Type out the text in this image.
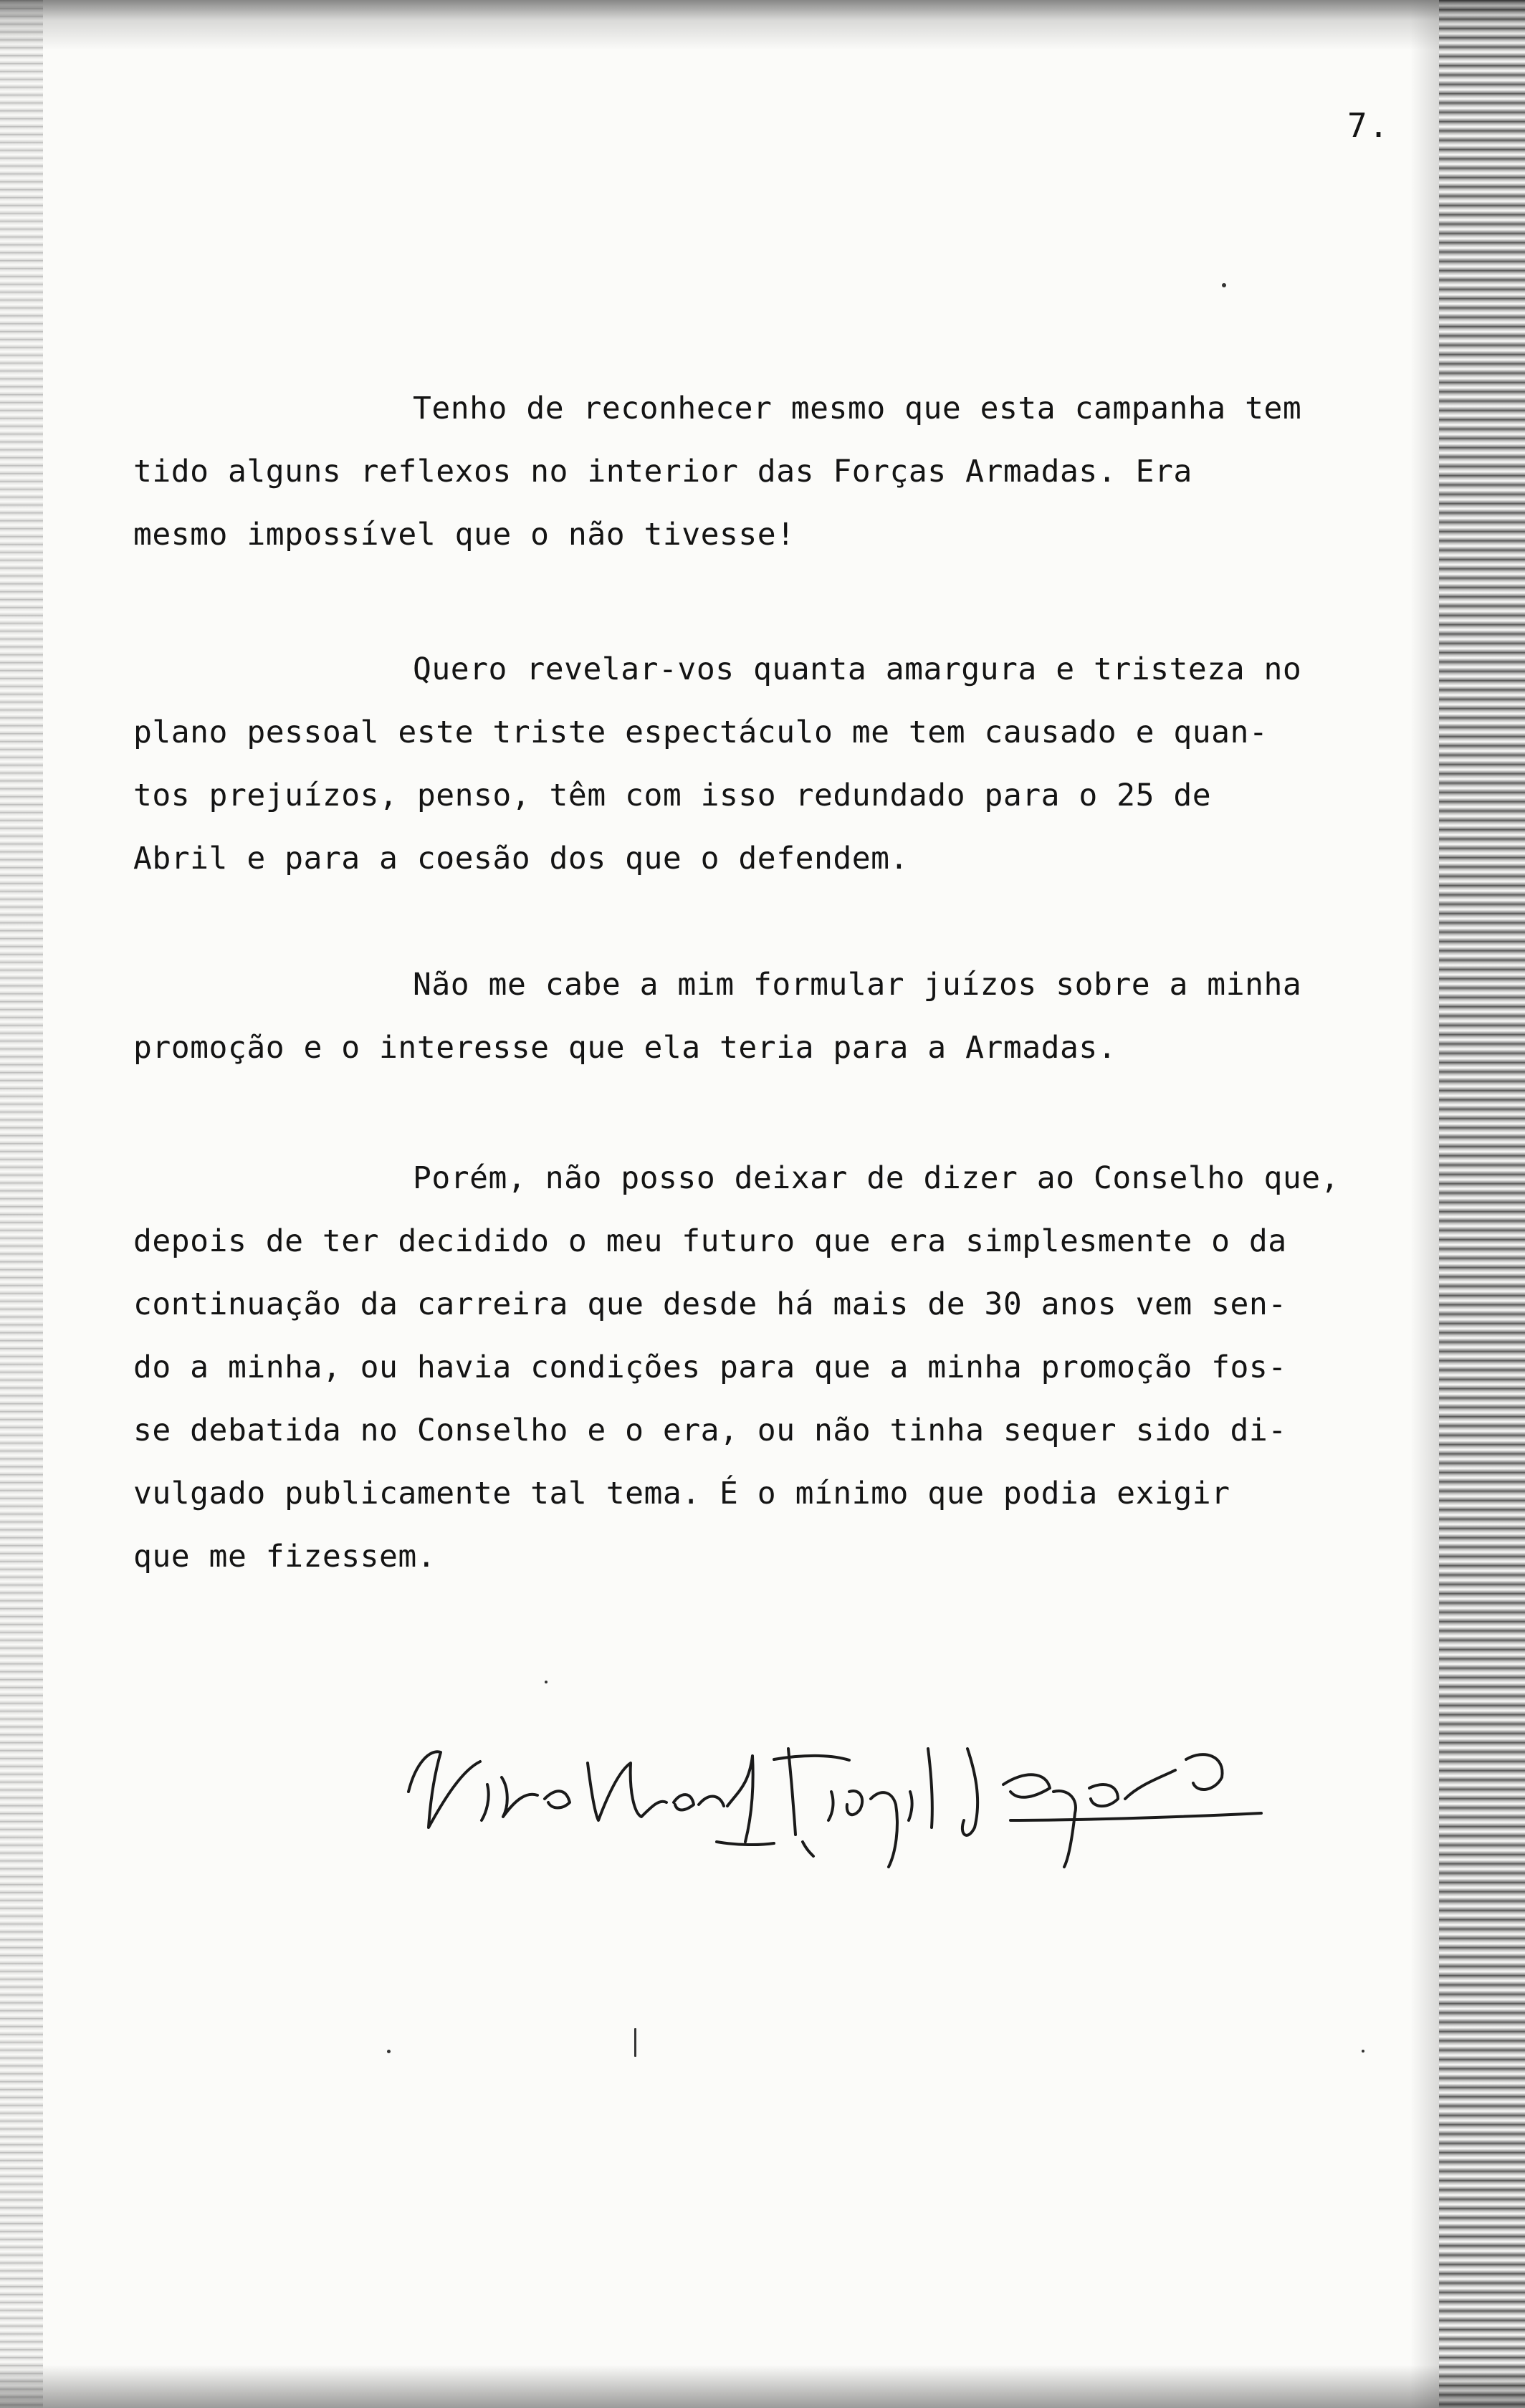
7.

Tenho de reconhecer mesmo que esta campanha tem
tido alguns reflexos no interior das Forças Armadas. Era
mesmo impossível que o não tivesse!

Quero revelar-vos quanta amargura e tristeza no
plano pessoal este triste espectáculo me tem causado e quan-
tos prejuízos, penso, têm com isso redundado para o 25 de
Abril e para a coesão dos que o defendem.

Não me cabe a mim formular juízos sobre a minha
promoção e o interesse que ela teria para a Armadas.

Porém, não posso deixar de dizer ao Conselho que,
depois de ter decidido o meu futuro que era simplesmente o da
continuação da carreira que desde há mais de 30 anos vem sen-
do a minha, ou havia condições para que a minha promoção fos-
se debatida no Conselho e o era, ou não tinha sequer sido di-
vulgado publicamente tal tema. É o mínimo que podia exigir
que me fizessem.
